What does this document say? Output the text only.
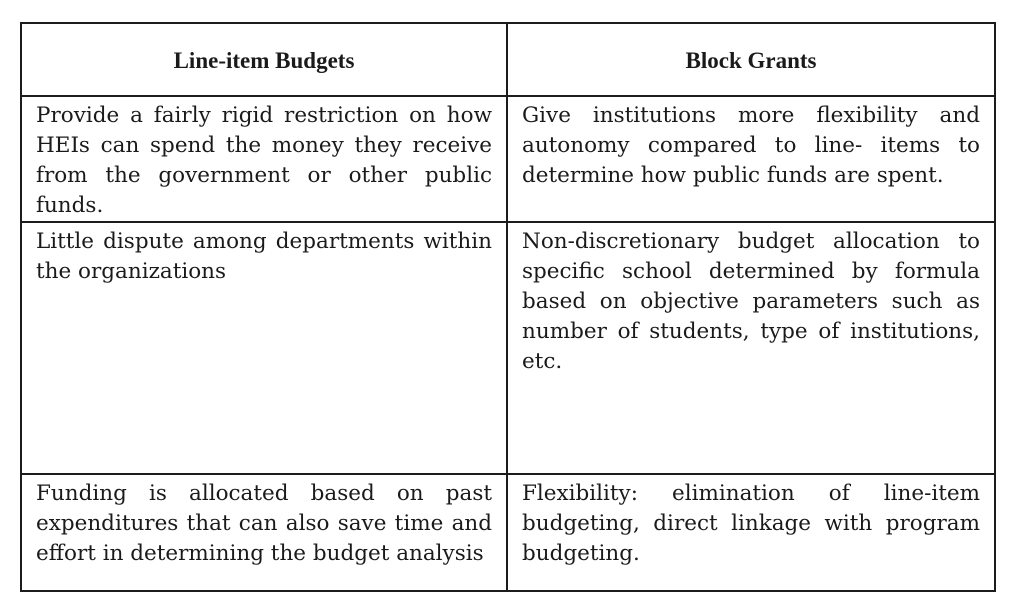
Line-item Budgets	Block Grants
Provide a fairly rigid restriction on how HEIs can spend the money they receive from the government or other public funds.	Give institutions more flexibility and autonomy compared to line- items to determine how public funds are spent.
Little dispute among departments within the organizations	Non-discretionary budget allocation to specific school determined by formula based on objective parameters such as number of students, type of institutions, etc.
Funding is allocated based on past expenditures that can also save time and effort in determining the budget analysis	Flexibility: elimination of line-item budgeting, direct linkage with program budgeting.
